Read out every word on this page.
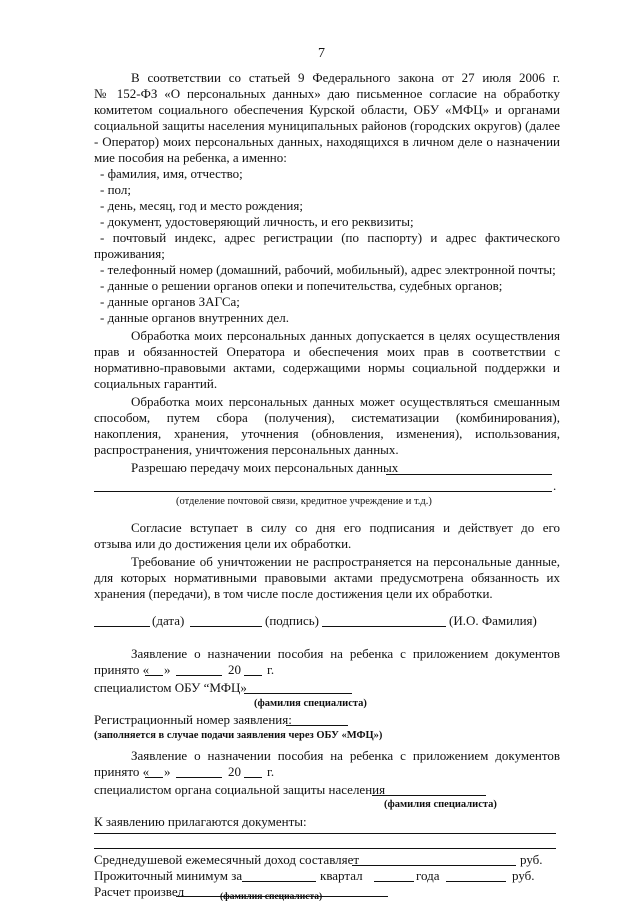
7
В соответствии со статьей 9 Федерального закона от 27 июля 2006 г.
№ 152-ФЗ «О персональных данных» даю письменное согласие на обработку
комитетом социального обеспечения Курской области, ОБУ «МФЦ» и органами
социальной защиты населения муниципальных районов (городских округов) (далее
- Оператор) моих персональных данных, находящихся в личном деле о назначении
мие пособия на ребенка, а именно:
- фамилия, имя, отчество;
- пол;
- день, месяц, год и место рождения;
- документ, удостоверяющий личность, и его реквизиты;
- почтовый индекс, адрес регистрации (по паспорту) и адрес фактического
проживания;
- телефонный номер (домашний, рабочий, мобильный), адрес электронной почты;
- данные о решении органов опеки и попечительства, судебных органов;
- данные органов ЗАГСа;
- данные органов внутренних дел.
Обработка моих персональных данных допускается в целях осуществления
прав и обязанностей Оператора и обеспечения моих прав в соответствии с
нормативно-правовыми актами, содержащими нормы социальной поддержки и
социальных гарантий.
Обработка моих персональных данных может осуществляться смешанным
способом, путем сбора (получения), систематизации (комбинирования),
накопления, хранения, уточнения (обновления, изменения), использования,
распространения, уничтожения персональных данных.
Разрешаю передачу моих персональных данных
.
(отделение почтовой связи, кредитное учреждение и т.д.)
Согласие вступает в силу со дня его подписания и действует до его
отзыва или до достижения цели их обработки.
Требование об уничтожении не распространяется на персональные данные,
для которых нормативными правовыми актами предусмотрена обязанность их
хранения (передачи), в том числе после достижения цели их обработки.
(дата)	(подпись)	(И.О. Фамилия)
Заявление о назначении пособия на ребенка с приложением документов
принято « »	20 г.
специалистом ОБУ “МФЦ»
(фамилия специалиста)
Регистрационный номер заявления:
(заполняется в случае подачи заявления через ОБУ «МФЦ»)
Заявление о назначении пособия на ребенка с приложением документов
принято « »	20 г.
специалистом органа социальной защиты населения
(фамилия специалиста)
К заявлению прилагаются документы:
Среднедушевой ежемесячный доход составляет	руб.
Прожиточный минимум за	квартал	года	руб.
Расчет произвел	(фамилия специалиста)
